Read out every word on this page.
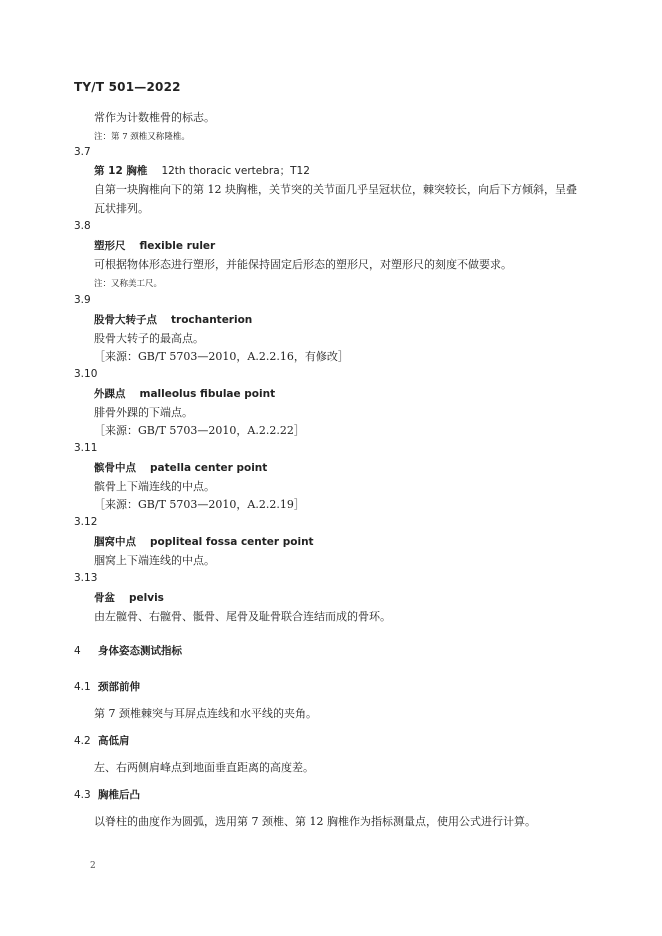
TY/T 501—2022
常作为计数椎骨的标志。
注：第 7 颈椎又称隆椎。
3.7
第 12 胸椎 12th thoracic vertebra；T12
自第一块胸椎向下的第 12 块胸椎，关节突的关节面几乎呈冠状位，棘突较长，向后下方倾斜，呈叠
瓦状排列。
3.8
塑形尺 flexible ruler
可根据物体形态进行塑形，并能保持固定后形态的塑形尺，对塑形尺的刻度不做要求。
注：又称美工尺。
3.9
股骨大转子点 trochanterion
股骨大转子的最高点。
［来源：GB/T 5703—2010，A.2.2.16，有修改］
3.10
外踝点 malleolus fibulae point
腓骨外踝的下端点。
［来源：GB/T 5703—2010，A.2.2.22］
3.11
髌骨中点 patella center point
髌骨上下端连线的中点。
［来源：GB/T 5703—2010，A.2.2.19］
3.12
腘窝中点 popliteal fossa center point
腘窝上下端连线的中点。
3.13
骨盆 pelvis
由左髋骨、右髋骨、骶骨、尾骨及耻骨联合连结而成的骨环。
4 身体姿态测试指标
4.1 颈部前伸
第 7 颈椎棘突与耳屏点连线和水平线的夹角。
4.2 高低肩
左、右两侧肩峰点到地面垂直距离的高度差。
4.3 胸椎后凸
以脊柱的曲度作为圆弧，选用第 7 颈椎、第 12 胸椎作为指标测量点，使用公式进行计算。
2
